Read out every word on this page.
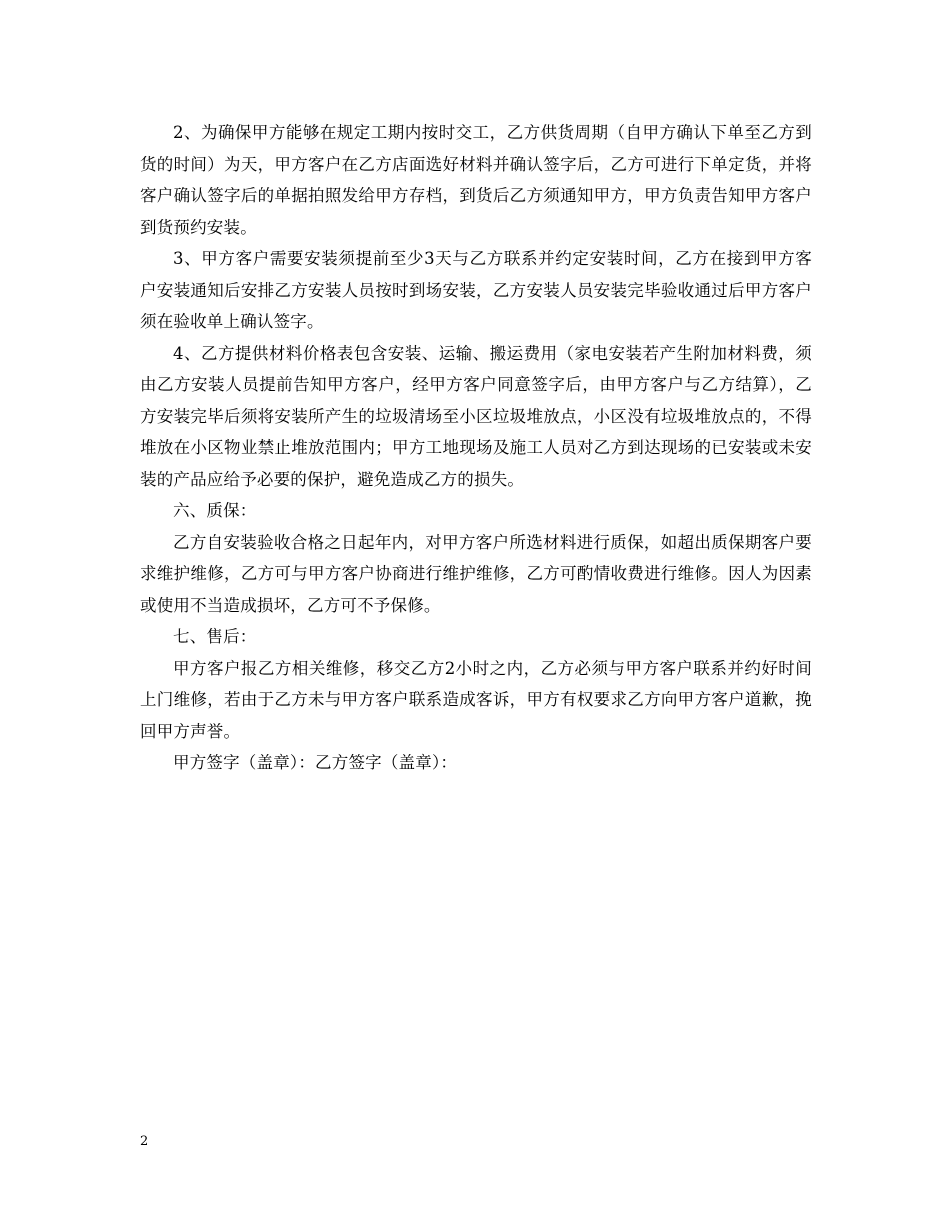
2、为确保甲方能够在规定工期内按时交工，乙方供货周期（自甲方确认下单至乙方到货的时间）为天，甲方客户在乙方店面选好材料并确认签字后，乙方可进行下单定货，并将客户确认签字后的单据拍照发给甲方存档，到货后乙方须通知甲方，甲方负责告知甲方客户到货预约安装。

3、甲方客户需要安装须提前至少3天与乙方联系并约定安装时间，乙方在接到甲方客户安装通知后安排乙方安装人员按时到场安装，乙方安装人员安装完毕验收通过后甲方客户须在验收单上确认签字。

4、乙方提供材料价格表包含安装、运输、搬运费用（家电安装若产生附加材料费，须由乙方安装人员提前告知甲方客户，经甲方客户同意签字后，由甲方客户与乙方结算），乙方安装完毕后须将安装所产生的垃圾清场至小区垃圾堆放点，小区没有垃圾堆放点的，不得堆放在小区物业禁止堆放范围内；甲方工地现场及施工人员对乙方到达现场的已安装或未安装的产品应给予必要的保护，避免造成乙方的损失。

六、质保：

乙方自安装验收合格之日起年内，对甲方客户所选材料进行质保，如超出质保期客户要求维护维修，乙方可与甲方客户协商进行维护维修，乙方可酌情收费进行维修。因人为因素或使用不当造成损坏，乙方可不予保修。

七、售后：

甲方客户报乙方相关维修，移交乙方2小时之内，乙方必须与甲方客户联系并约好时间上门维修，若由于乙方未与甲方客户联系造成客诉，甲方有权要求乙方向甲方客户道歉，挽回甲方声誉。

甲方签字（盖章）：乙方签字（盖章）：

2
